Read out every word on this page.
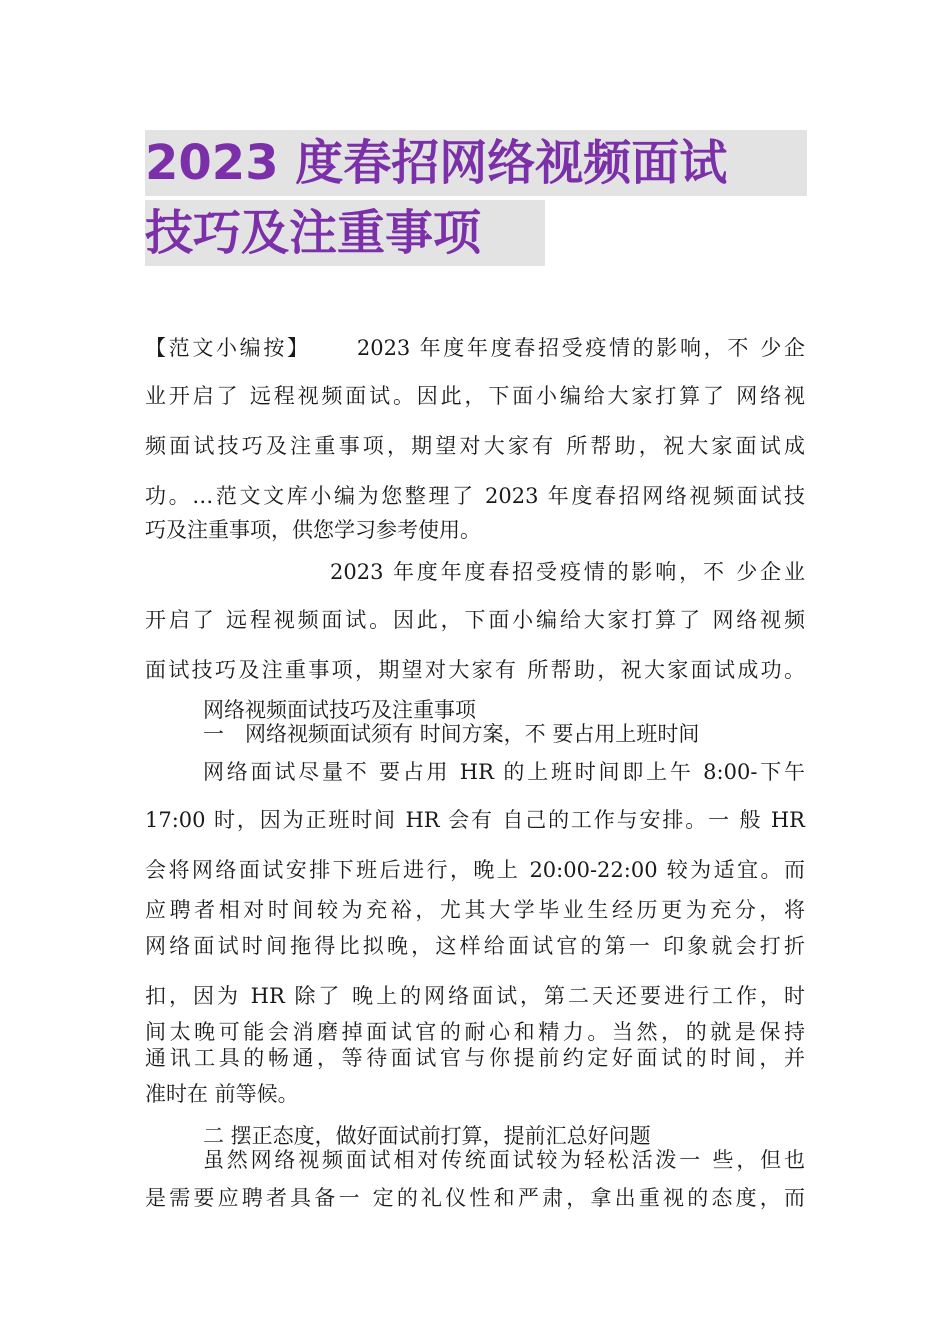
2023 度春招网络视频面试
技巧及注重事项
【范文小编按】　　 2023 年度年度春招受疫情的影响，不 少企
业开启了 远程视频面试。因此，下面小编给大家打算了 网络视
频面试技巧及注重事项，期望对大家有 所帮助，祝大家面试成
功。…范文文库小编为您整理了 2023 年度春招网络视频面试技
巧及注重事项，供您学习参考使用。
2023 年度年度春招受疫情的影响，不 少企业
开启了 远程视频面试。因此，下面小编给大家打算了 网络视频
面试技巧及注重事项，期望对大家有 所帮助，祝大家面试成功。
网络视频面试技巧及注重事项
一　网络视频面试须有 时间方案，不 要占用上班时间
网络面试尽量不 要占用 HR 的上班时间即上午 8:00-下午
17:00 时，因为正班时间 HR 会有 自己的工作与安排。一 般 HR
会将网络面试安排下班后进行，晚上 20:00-22:00 较为适宜。而
应聘者相对时间较为充裕，尤其大学毕业生经历更为充分，将
网络面试时间拖得比拟晚，这样给面试官的第一 印象就会打折
扣，因为 HR 除了 晚上的网络面试，第二天还要进行工作，时
间太晚可能会消磨掉面试官的耐心和精力。当然，的就是保持
通讯工具的畅通，等待面试官与你提前约定好面试的时间，并
准时在 前等候。
二 摆正态度，做好面试前打算，提前汇总好问题
虽然网络视频面试相对传统面试较为轻松活泼一 些，但也
是需要应聘者具备一 定的礼仪性和严肃，拿出重视的态度，而
